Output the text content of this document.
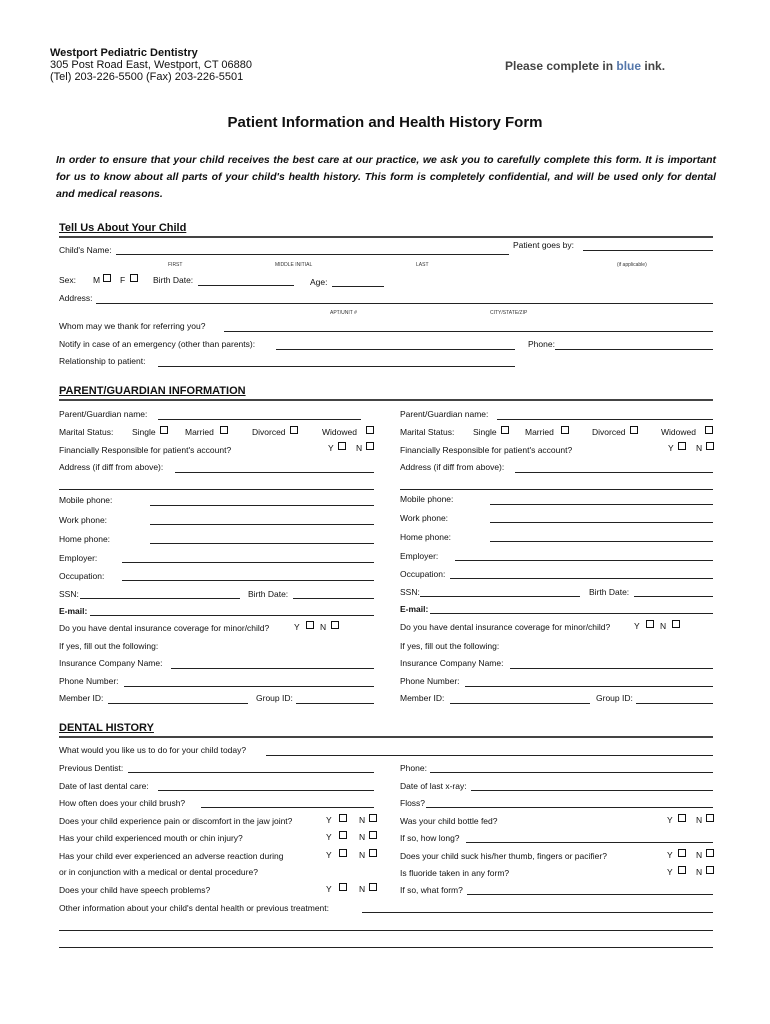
Westport Pediatric Dentistry
305 Post Road East, Westport, CT 06880
(Tel) 203-226-5500 (Fax) 203-226-5501
Please complete in blue ink.
Patient Information and Health History Form
In order to ensure that your child receives the best care at our practice, we ask you to carefully complete this form. It is important for us to know about all parts of your child's health history. This form is completely confidential, and will be used only for dental and medical reasons.
Tell Us About Your Child
Child's Name:	Patient goes by:
FIRST	MIDDLE INITIAL	LAST	(if applicable)
Sex: M F	Birth Date:	Age:
Address:
APT/UNIT #	CITY/STATE/ZIP
Whom may we thank for referring you?
Notify in case of an emergency (other than parents):	Phone:
Relationship to patient:
PARENT/GUARDIAN INFORMATION
Parent/Guardian name:
Marital Status: Single	Married	Divorced	Widowed
Financially Responsible for patient's account?	Y	N
Address (if diff from above):
Mobile phone:
Work phone:
Home phone:
Employer:
Occupation:
SSN:	Birth Date:
E-mail:
Do you have dental insurance coverage for minor/child?	Y N
If yes, fill out the following:
Insurance Company Name:
Phone Number:
Member ID:	Group ID:
Parent/Guardian name:
Marital Status: Single	Married	Divorced	Widowed
Financially Responsible for patient's account?	Y	N
Address (if diff from above):
Mobile phone:
Work phone:
Home phone:
Employer:
Occupation:
SSN:	Birth Date:
E-mail:
Do you have dental insurance coverage for minor/child?	Y N
If yes, fill out the following:
Insurance Company Name:
Phone Number:
Member ID:	Group ID:
DENTAL HISTORY
What would you like us to do for your child today?
Previous Dentist:	Phone:
Date of last dental care:	Date of last x-ray:
How often does your child brush?	Floss?
Does your child experience pain or discomfort in the jaw joint?	Y	N	Was your child bottle fed?	Y	N
Has your child experienced mouth or chin injury?	Y	N	If so, how long?
Has your child ever experienced an adverse reaction during
or in conjunction with a medical or dental procedure?
Y	N	Does your child suck his/her thumb, fingers or pacifier?	Y	N
Is fluoride taken in any form?	Y	N
Does your child have speech problems?	Y	N	If so, what form?
Other information about your child's dental health or previous treatment:
